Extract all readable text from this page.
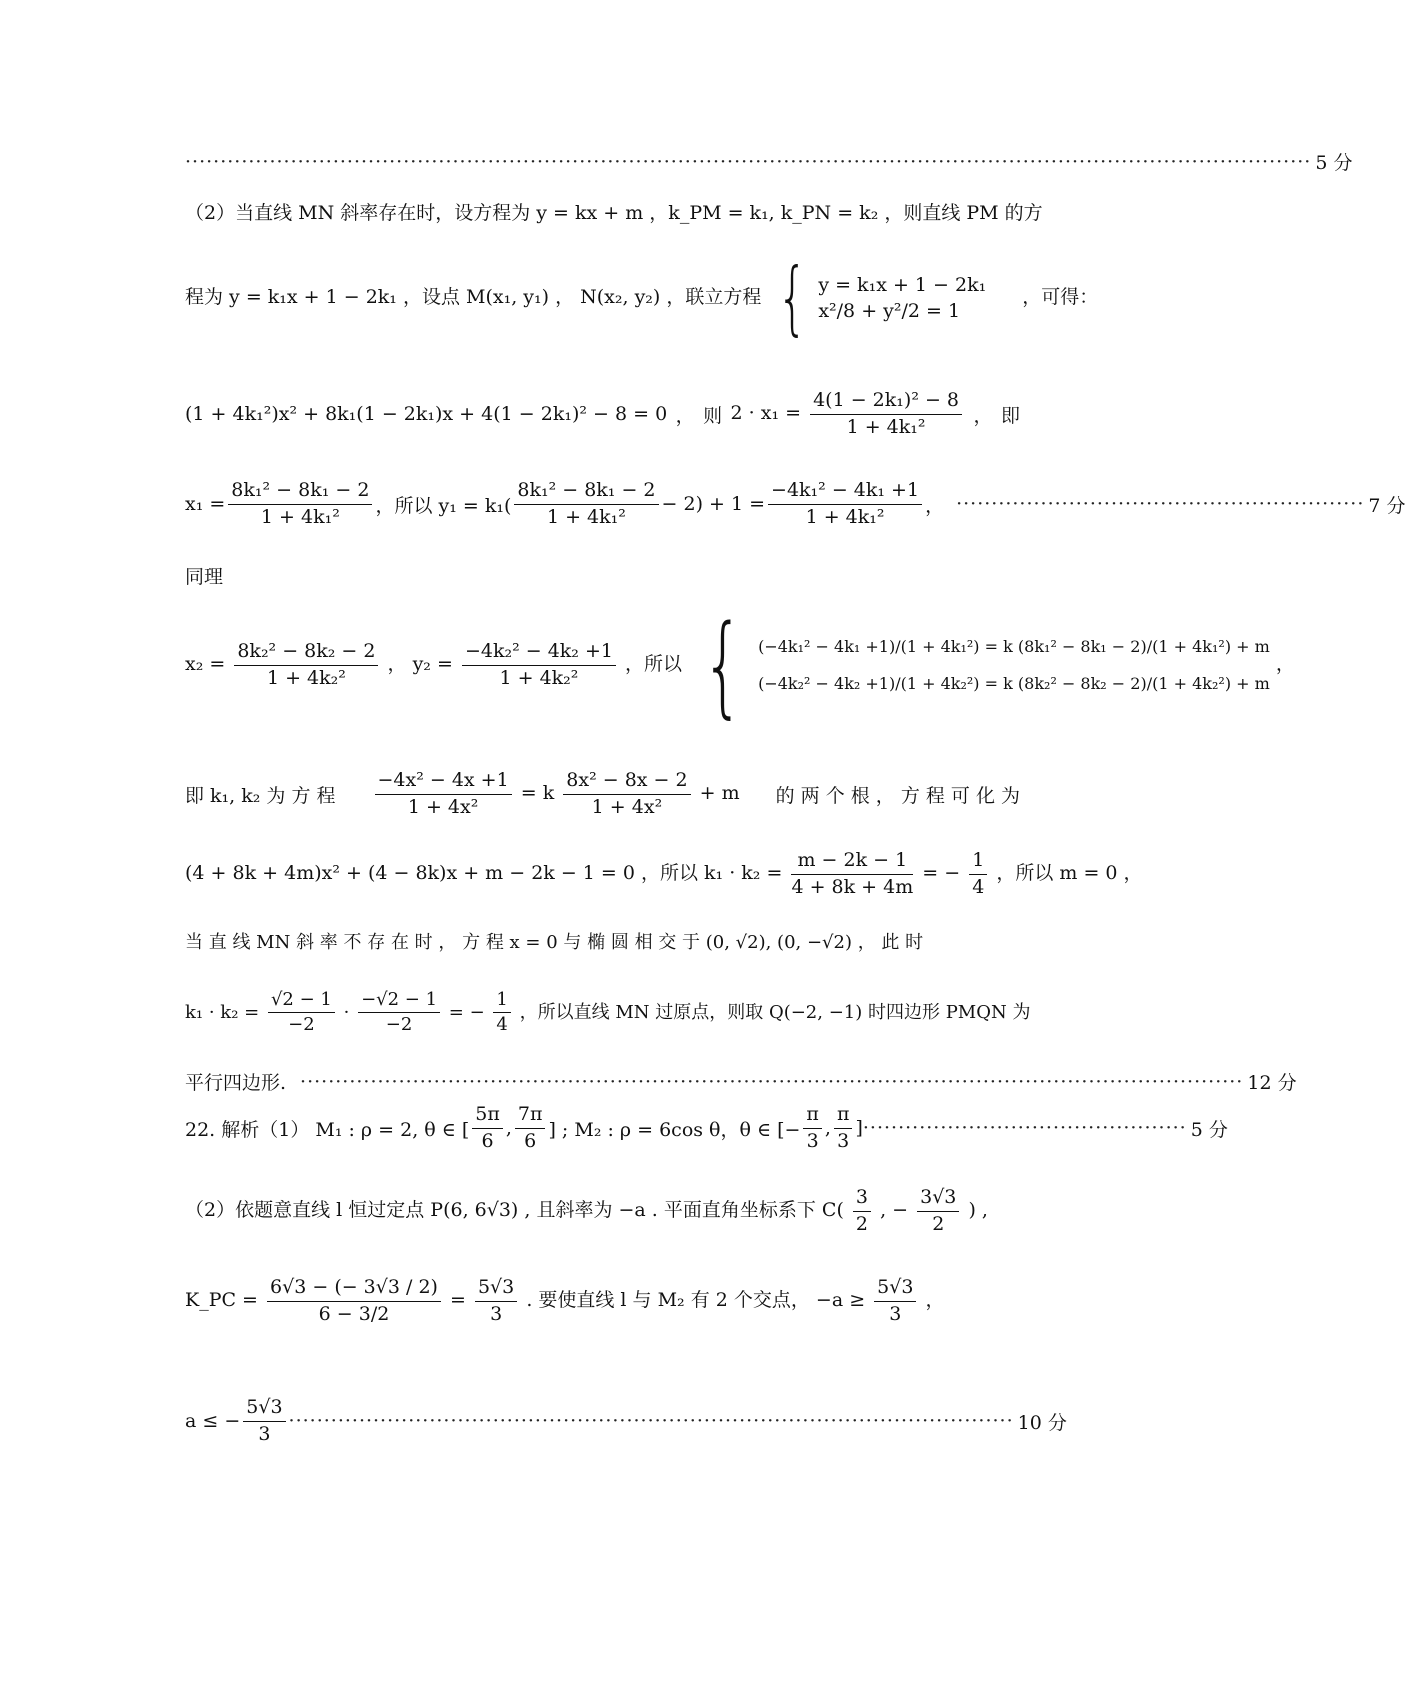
································································································································································ 5 分
（2）当直线 MN 斜率存在时，设方程为 y = kx + m ，k_PM = k₁, k_PN = k₂ ，则直线 PM 的方
程为 y = k₁x + 1 − 2k₁ ，设点 M(x₁, y₁) ， N(x₂, y₂) ，联立方程 { y = k₁x + 1 − 2k₁
x²/8 + y²/2 = 1
，可得：
(1 + 4k₁²)x² + 8k₁(1 − 2k₁)x + 4(1 − 2k₁)² − 8 = 0 ， 则 $2 \cdot x_1 = \frac{\text{4(1 − 2k₁)² − 8}}{\text{1 + 4k₁²}}$ ， 即
$x_1 = \frac{\text{8k₁² − 8k₁ − 2}}{\text{1 + 4k₁²}}$ ，所以 $y_1 = k_1( \frac{\text{8k₁² − 8k₁ − 2}}{\text{1 + 4k₁²}} - 2) + 1 = \frac{\text{−4k₁² − 4k₁ +1}}{\text{1 + 4k₁²}}$ ， ·························································· 7 分
同理
$x_2 = \frac{\text{8k₂² − 8k₂ − 2}}{\text{1 + 4k₂²}}$ ， $y_2 = \frac{\text{−4k₂² − 4k₂ +1}}{\text{1 + 4k₂²}}$ ，所以 { (−4k₁² − 4k₁ +1)/(1 + 4k₁²) = k (8k₁² − 8k₁ − 2)/(1 + 4k₁²) + m
(−4k₂² − 4k₂ +1)/(1 + 4k₂²) = k (8k₂² − 8k₂ − 2)/(1 + 4k₂²) + m
，
即 k₁, k₂ 为 方 程 $\frac{\text{−4x² − 4x +1}}{\text{1 + 4x²}} = k \frac{\text{8x² − 8x − 2}}{\text{1 + 4x²}} + m$ 的 两 个 根 ， 方 程 可 化 为
(4 + 8k + 4m)x² + (4 − 8k)x + m − 2k − 1 = 0 ，所以 $k_1 \cdot k_2 = \frac{m - 2k - 1}{4 + 8k + 4m}$ = − $\frac{1}{4}$ ，所以 m = 0 ，
当 直 线 MN 斜 率 不 存 在 时 ， 方 程 x = 0 与 椭 圆 相 交 于 (0, √2), (0, −√2) ， 此 时
$k_1 \cdot k_2 = \frac{√2 - 1}{-2} \cdot \frac{-√2 - 1}{-2}$ = − $\frac{1}{4}$ ，所以直线 MN 过原点，则取 Q(−2, −1) 时四边形 PMQN 为
平行四边形. ······································································································································ 12 分
22. 解析（1） M₁ : ρ = 2, θ ∈ [ $\frac{5\pi}{6}$ , $\frac{7\pi}{6}$ ] ; M₂ : ρ = 6cos θ，θ ∈ [− $\frac{\pi}{3}$ , $\frac{\pi}{3}$ ] ·············································· 5 分
（2）依题意直线 l 恒过定点 P(6, 6√3) , 且斜率为 −a . 平面直角坐标系下 $C( \frac{3}{2}$ , − $\frac{3√3}{2}$ ) ,
K_PC = $\frac{6√3 - (- 3√3 / 2)}{6 - 3/2} = \frac{5√3}{3}$ . 要使直线 l 与 M₂ 有 2 个交点， $-a \ge \frac{5√3}{3}$ ，
a ≤ − $\frac{5√3}{3}$ ······································································································· 10 分
